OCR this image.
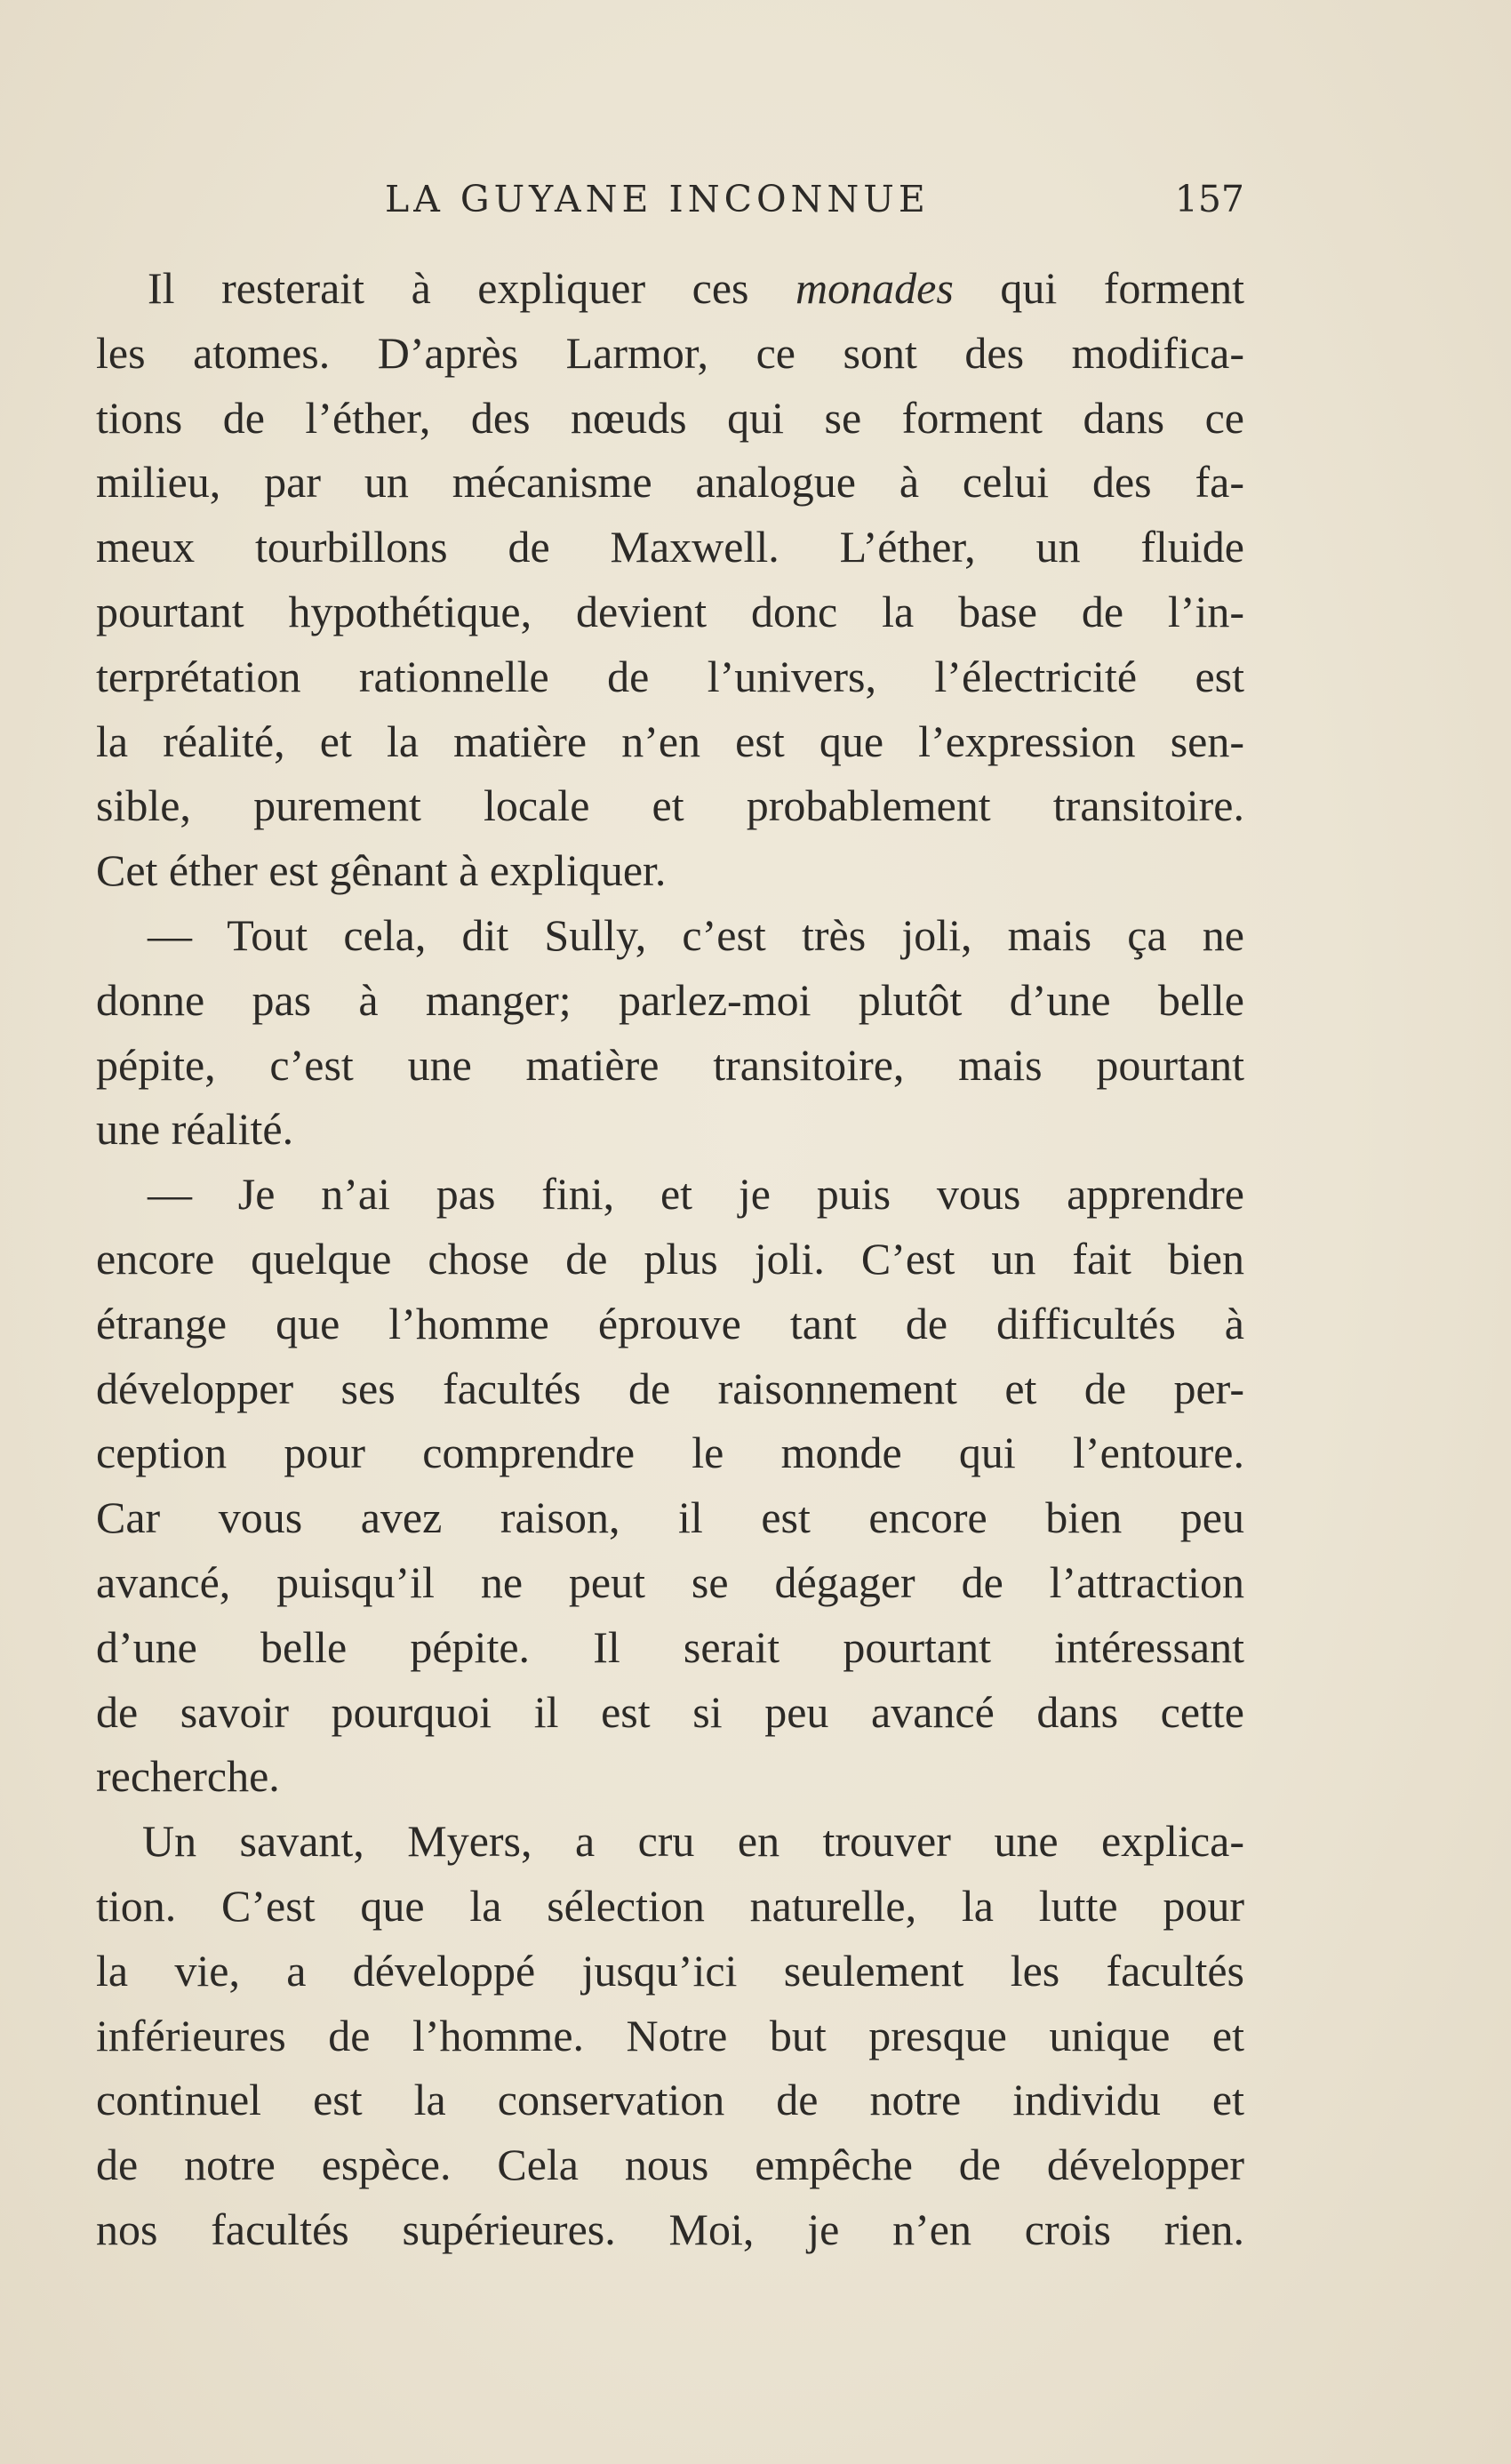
LA GUYANE INCONNUE	157
Il resterait à expliquer ces monades qui forment
les atomes. D’après Larmor, ce sont des modifica-
tions de l’éther, des nœuds qui se forment dans ce
milieu, par un mécanisme analogue à celui des fa-
meux tourbillons de Maxwell. L’éther, un fluide
pourtant hypothétique, devient donc la base de l’in-
terprétation rationnelle de l’univers, l’électricité est
la réalité, et la matière n’en est que l’expression sen-
sible, purement locale et probablement transitoire.
Cet éther est gênant à expliquer.
— Tout cela, dit Sully, c’est très joli, mais ça ne
donne pas à manger; parlez-moi plutôt d’une belle
pépite, c’est une matière transitoire, mais pourtant
une réalité.
— Je n’ai pas fini, et je puis vous apprendre
encore quelque chose de plus joli. C’est un fait bien
étrange que l’homme éprouve tant de difficultés à
développer ses facultés de raisonnement et de per-
ception pour comprendre le monde qui l’entoure.
Car vous avez raison, il est encore bien peu
avancé, puisqu’il ne peut se dégager de l’attraction
d’une belle pépite. Il serait pourtant intéressant
de savoir pourquoi il est si peu avancé dans cette
recherche.
Un savant, Myers, a cru en trouver une explica-
tion. C’est que la sélection naturelle, la lutte pour
la vie, a développé jusqu’ici seulement les facultés
inférieures de l’homme. Notre but presque unique et
continuel est la conservation de notre individu et
de notre espèce. Cela nous empêche de développer
nos facultés supérieures. Moi, je n’en crois rien.
